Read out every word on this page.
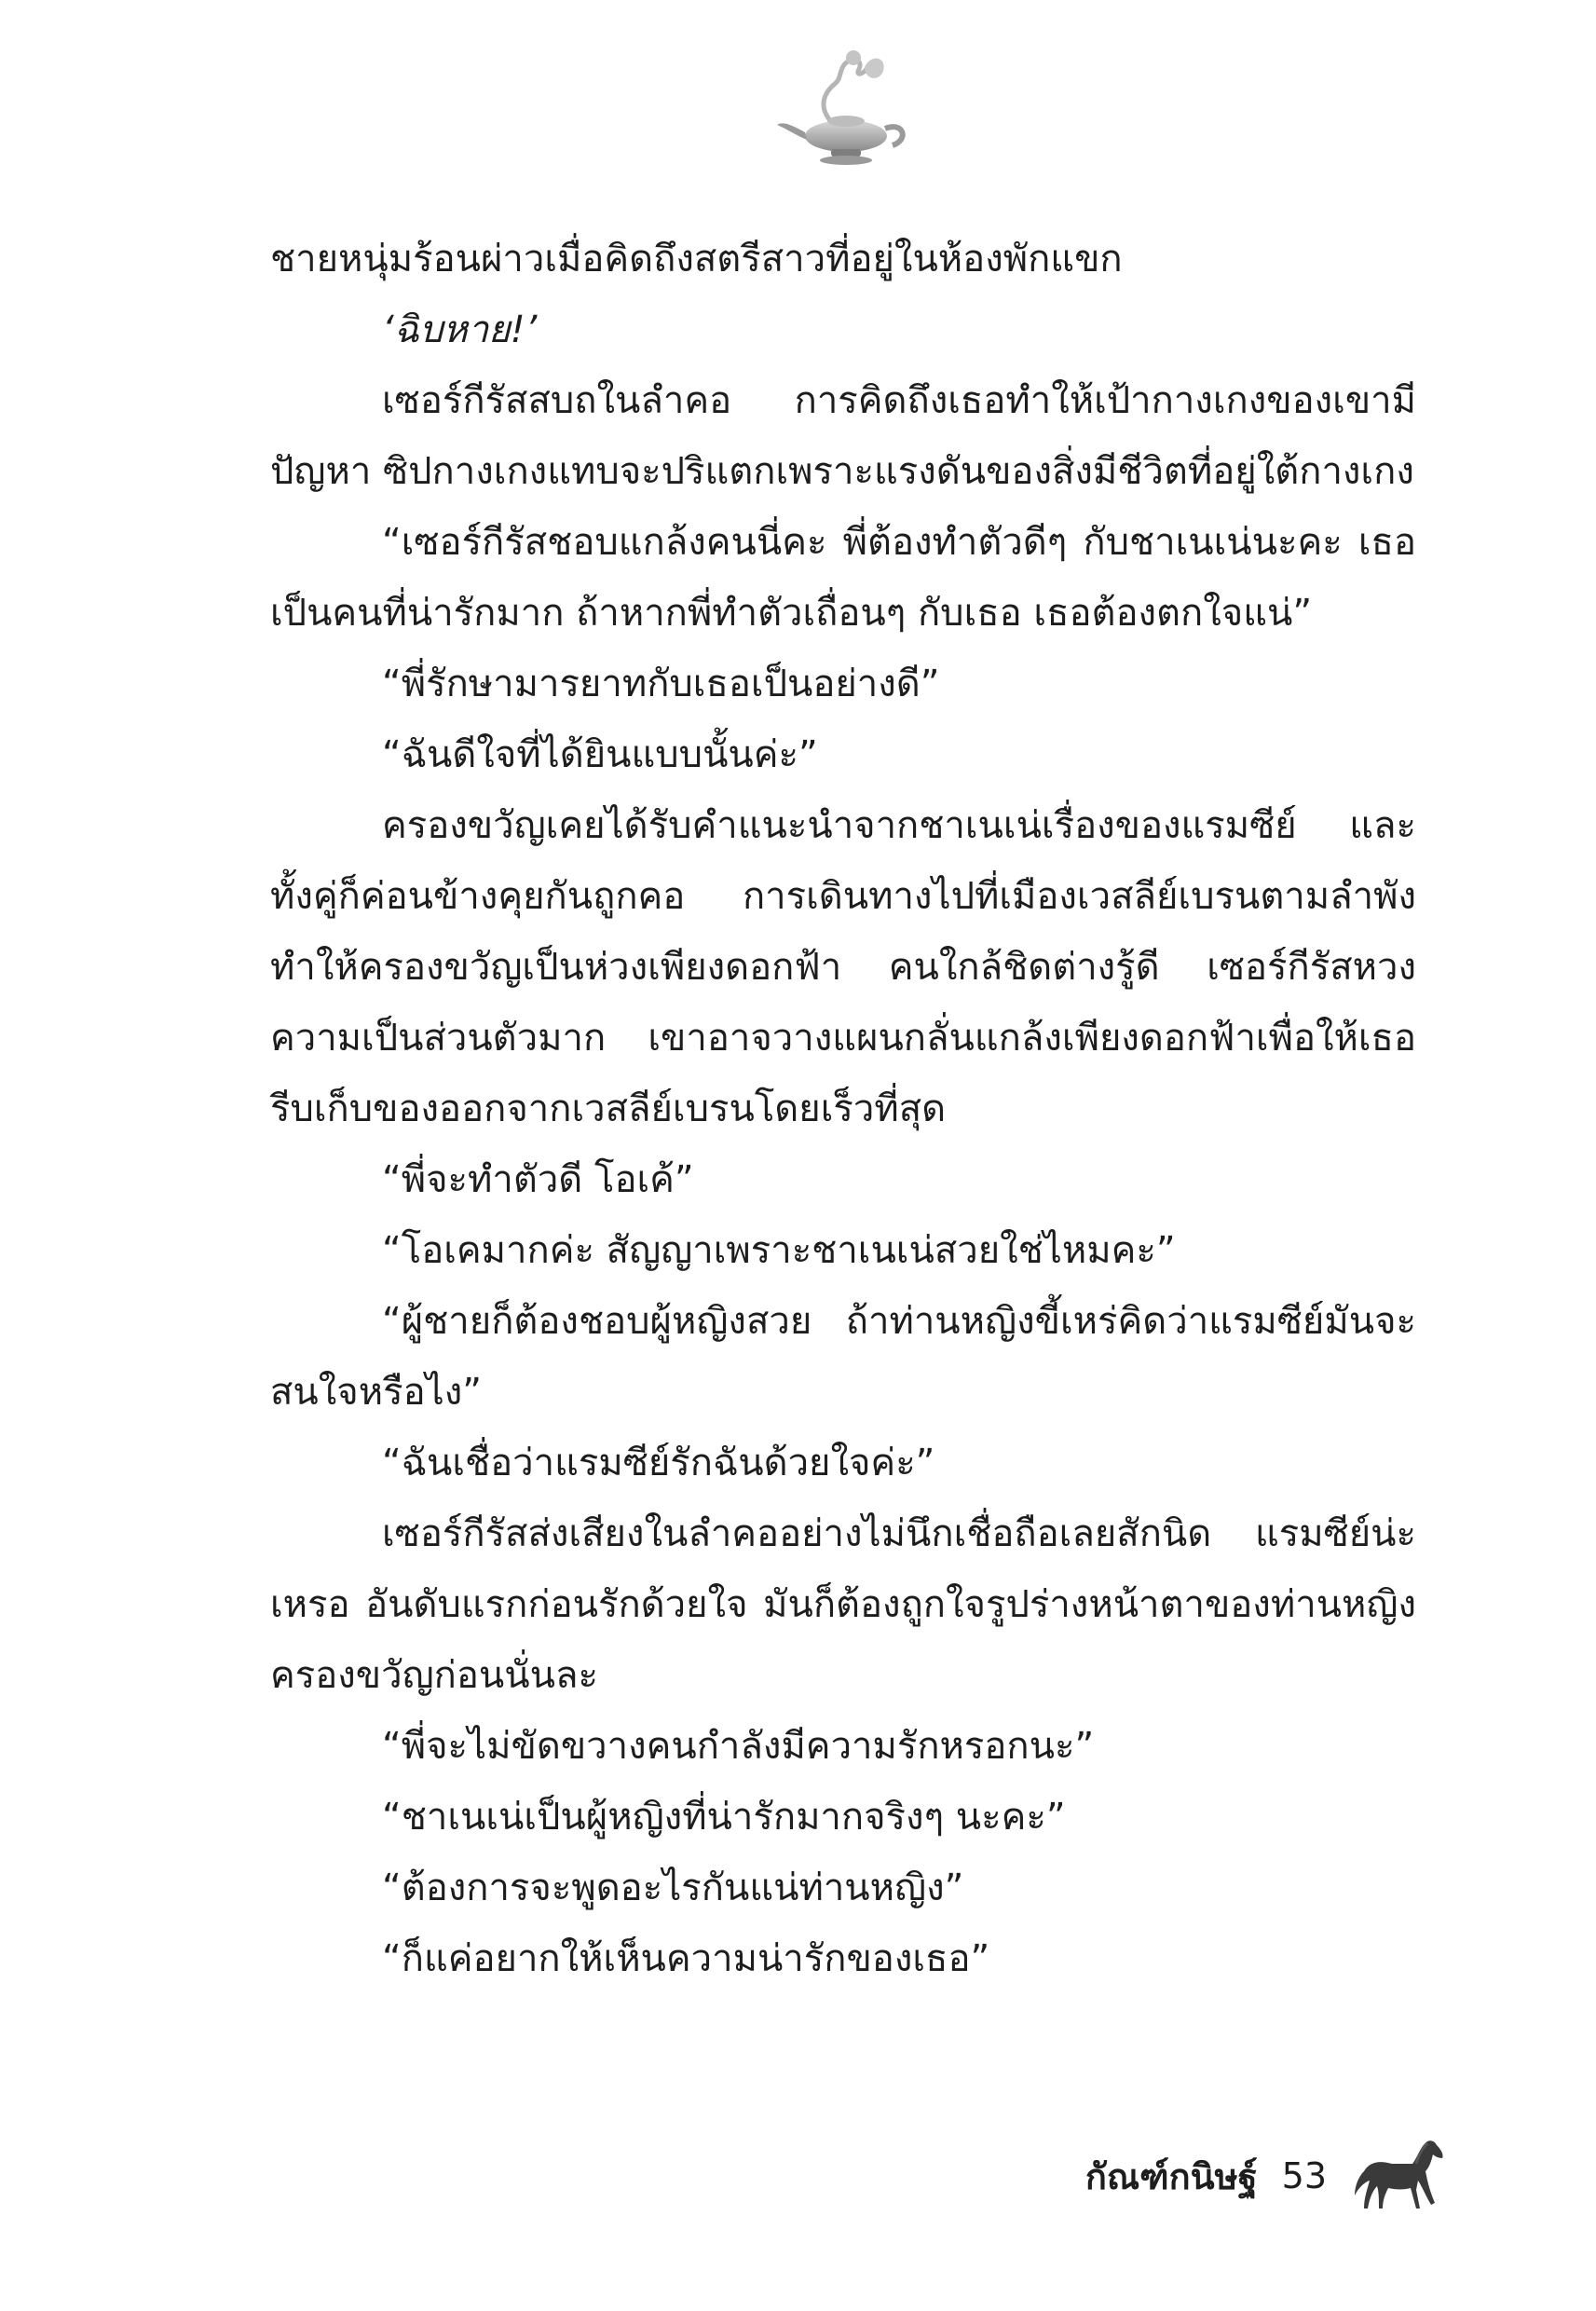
ชายหนุ่มร้อนผ่าวเมื่อคิดถึงสตรีสาวที่อยู่ในห้องพักแขก

‘ฉิบหาย!’

เซอร์กีรัสสบถในลำคอ การคิดถึงเธอทำให้เป้ากางเกงของเขามีปัญหา ซิปกางเกงแทบจะปริแตกเพราะแรงดันของสิ่งมีชีวิตที่อยู่ใต้กางเกง

“เซอร์กีรัสชอบแกล้งคนนี่คะ พี่ต้องทำตัวดีๆ กับชาเนเน่นะคะ เธอเป็นคนที่น่ารักมาก ถ้าหากพี่ทำตัวเถื่อนๆ กับเธอ เธอต้องตกใจแน่”

“พี่รักษามารยาทกับเธอเป็นอย่างดี”

“ฉันดีใจที่ได้ยินแบบนั้นค่ะ”

ครองขวัญเคยได้รับคำแนะนำจากชาเนเน่เรื่องของแรมซีย์ และทั้งคู่ก็ค่อนข้างคุยกันถูกคอ การเดินทางไปที่เมืองเวสลีย์เบรนตามลำพังทำให้ครองขวัญเป็นห่วงเพียงดอกฟ้า คนใกล้ชิดต่างรู้ดี เซอร์กีรัสหวงความเป็นส่วนตัวมาก เขาอาจวางแผนกลั่นแกล้งเพียงดอกฟ้าเพื่อให้เธอรีบเก็บของออกจากเวสลีย์เบรนโดยเร็วที่สุด

“พี่จะทำตัวดี โอเค้”

“โอเคมากค่ะ สัญญาเพราะชาเนเน่สวยใช่ไหมคะ”

“ผู้ชายก็ต้องชอบผู้หญิงสวย ถ้าท่านหญิงขี้เหร่คิดว่าแรมซีย์มันจะสนใจหรือไง”

“ฉันเชื่อว่าแรมซีย์รักฉันด้วยใจค่ะ”

เซอร์กีรัสส่งเสียงในลำคออย่างไม่นึกเชื่อถือเลยสักนิด แรมซีย์น่ะเหรอ อันดับแรกก่อนรักด้วยใจ มันก็ต้องถูกใจรูปร่างหน้าตาของท่านหญิงครองขวัญก่อนนั่นละ

“พี่จะไม่ขัดขวางคนกำลังมีความรักหรอกนะ”

“ชาเนเน่เป็นผู้หญิงที่น่ารักมากจริงๆ นะคะ”

“ต้องการจะพูดอะไรกันแน่ท่านหญิง”

“ก็แค่อยากให้เห็นความน่ารักของเธอ”

กัณฑ์กนิษฐ์ 53
